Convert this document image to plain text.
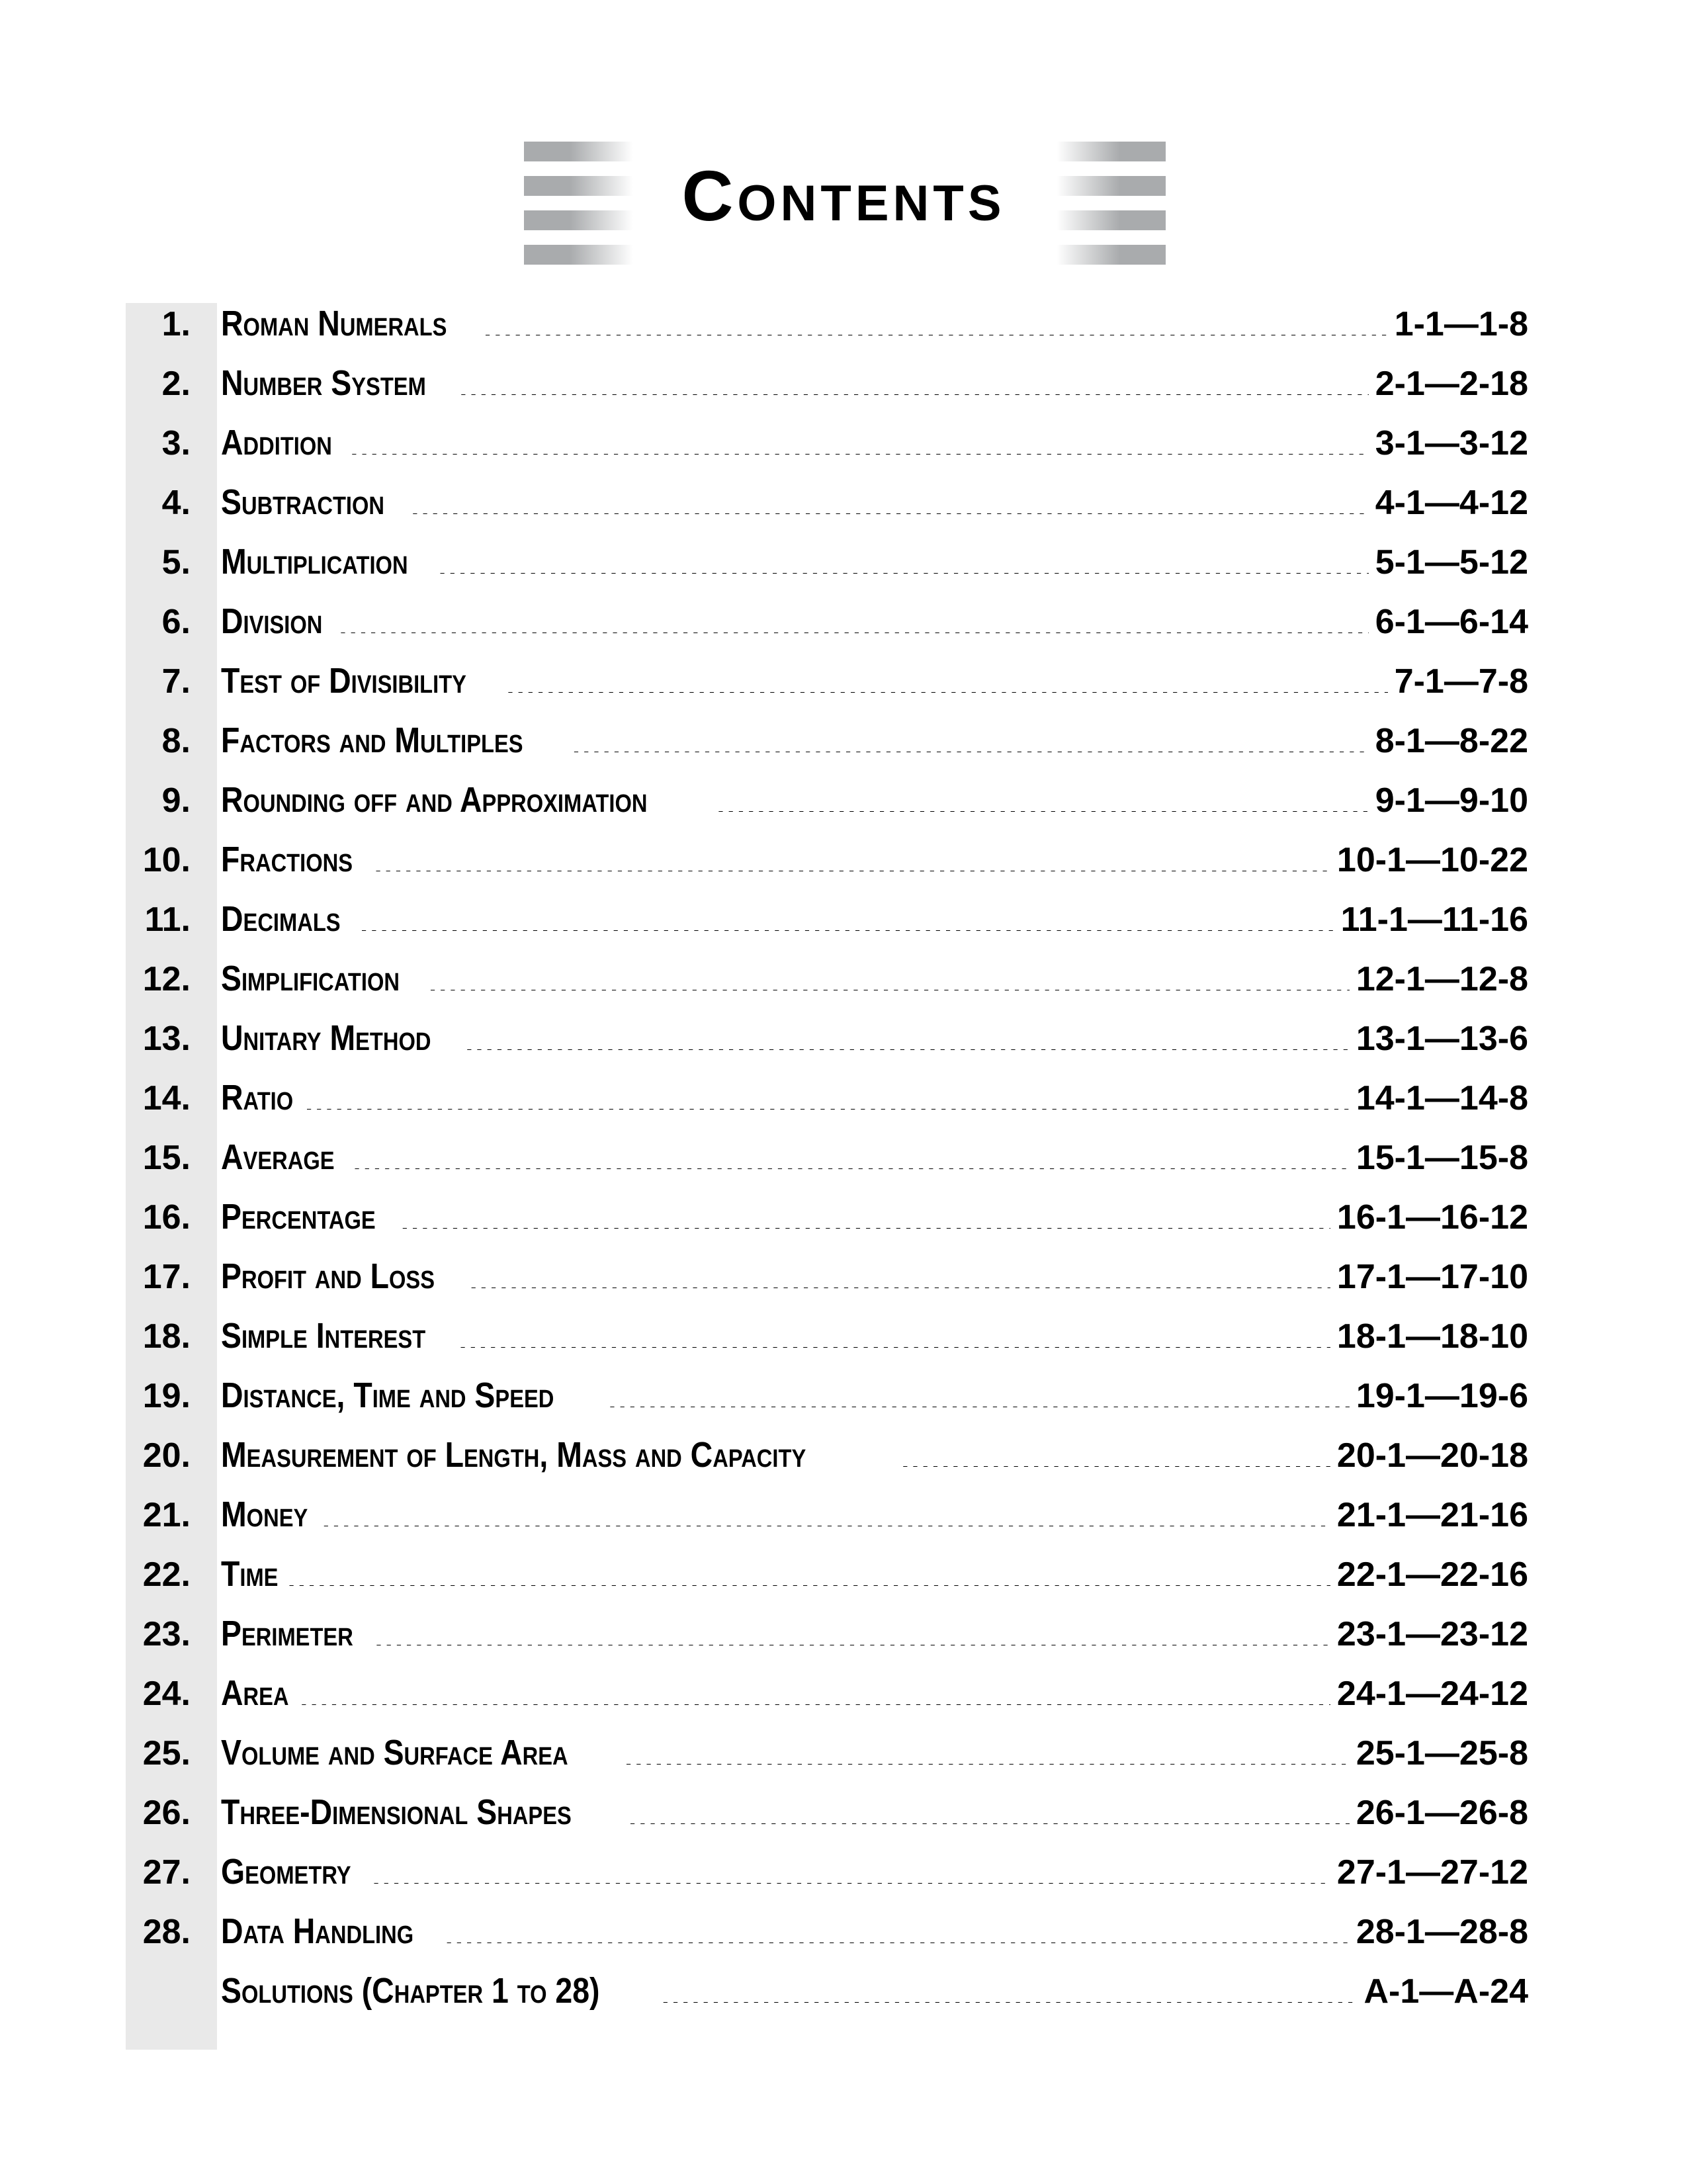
Contents
1. Roman Numerals .....	1-1—1-8
2. Number System .....	2-1—2-18
3. Addition .....	3-1—3-12
4. Subtraction .....	4-1—4-12
5. Multiplication .....	5-1—5-12
6. Division .....	6-1—6-14
7. Test of Divisibility .....	7-1—7-8
8. Factors and Multiples .....	8-1—8-22
9. Rounding off and Approximation .....	9-1—9-10
10. Fractions .....	10-1—10-22
11. Decimals .....	11-1—11-16
12. Simplification .....	12-1—12-8
13. Unitary Method .....	13-1—13-6
14. Ratio .....	14-1—14-8
15. Average .....	15-1—15-8
16. Percentage .....	16-1—16-12
17. Profit and Loss .....	17-1—17-10
18. Simple Interest .....	18-1—18-10
19. Distance, Time and Speed .....	19-1—19-6
20. Measurement of Length, Mass and Capacity .....	20-1—20-18
21. Money .....	21-1—21-16
22. Time .....	22-1—22-16
23. Perimeter .....	23-1—23-12
24. Area .....	24-1—24-12
25. Volume and Surface Area .....	25-1—25-8
26. Three-Dimensional Shapes .....	26-1—26-8
27. Geometry .....	27-1—27-12
28. Data Handling .....	28-1—28-8
Solutions (Chapter 1 to 28) .....	A-1—A-24
